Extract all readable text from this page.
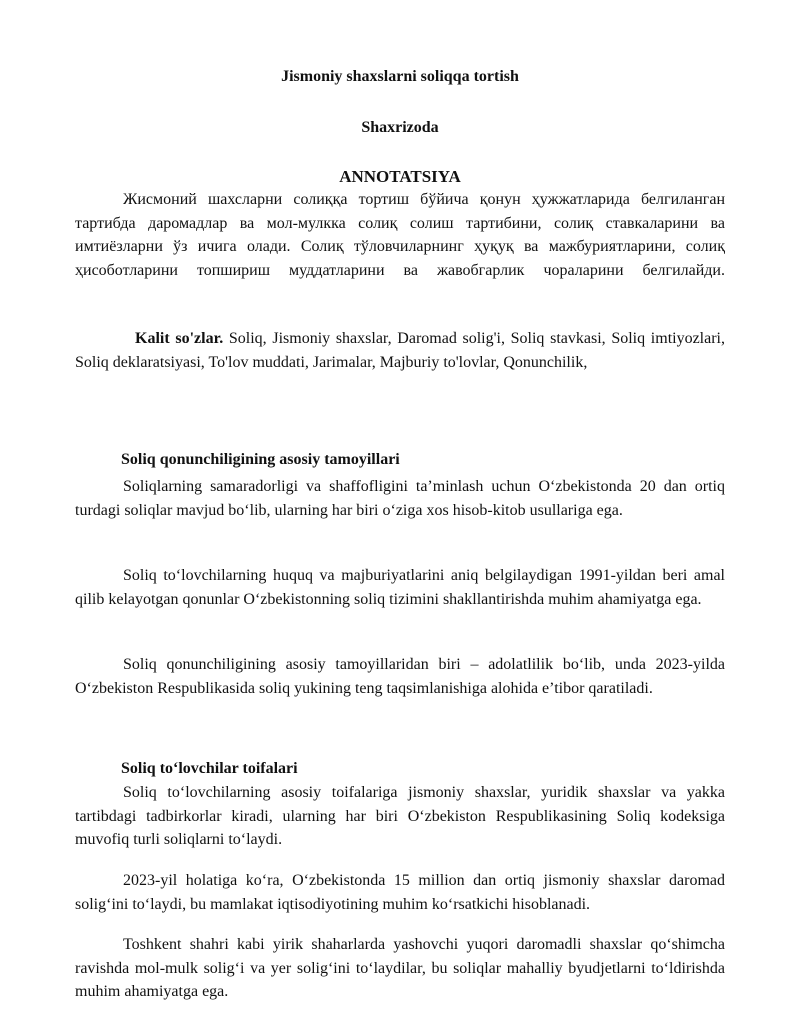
Jismoniy shaxslarni soliqqa tortish
Shaxrizoda
ANNOTATSIYA

Жисмоний шахсларни солиққа тортиш бўйича қонун ҳужжатларида белгиланган тартибда даромадлар ва мол-мулкка солиқ солиш тартибини, солиқ ставкаларини ва имтиёзларни ўз ичига олади. Солиқ тўловчиларнинг ҳуқуқ ва мажбуриятларини, солиқ ҳисоботларини топшириш муддатларини ва жавобгарлик чораларини белгилайди.

Kalit so'zlar. Soliq, Jismoniy shaxslar, Daromad solig'i, Soliq stavkasi, Soliq imtiyozlari, Soliq deklaratsiyasi, To'lov muddati, Jarimalar, Majburiy to'lovlar, Qonunchilik,

Soliq qonunchiligining asosiy tamoyillari

Soliqlarning samaradorligi va shaffofligini ta’minlash uchun O‘zbekistonda 20 dan ortiq turdagi soliqlar mavjud bo‘lib, ularning har biri o‘ziga xos hisob-kitob usullariga ega.

Soliq to‘lovchilarning huquq va majburiyatlarini aniq belgilaydigan 1991-yildan beri amal qilib kelayotgan qonunlar O‘zbekistonning soliq tizimini shakllantirishda muhim ahamiyatga ega.

Soliq qonunchiligining asosiy tamoyillaridan biri – adolatlilik bo‘lib, unda 2023-yilda O‘zbekiston Respublikasida soliq yukining teng taqsimlanishiga alohida e’tibor qaratiladi.

Soliq to‘lovchilar toifalari

Soliq to‘lovchilarning asosiy toifalariga jismoniy shaxslar, yuridik shaxslar va yakka tartibdagi tadbirkorlar kiradi, ularning har biri O‘zbekiston Respublikasining Soliq kodeksiga muvofiq turli soliqlarni to‘laydi.

2023-yil holatiga ko‘ra, O‘zbekistonda 15 million dan ortiq jismoniy shaxslar daromad solig‘ini to‘laydi, bu mamlakat iqtisodiyotining muhim ko‘rsatkichi hisoblanadi.

Toshkent shahri kabi yirik shaharlarda yashovchi yuqori daromadli shaxslar qo‘shimcha ravishda mol-mulk solig‘i va yer solig‘ini to‘laydilar, bu soliqlar mahalliy byudjetlarni to‘ldirishda muhim ahamiyatga ega.
